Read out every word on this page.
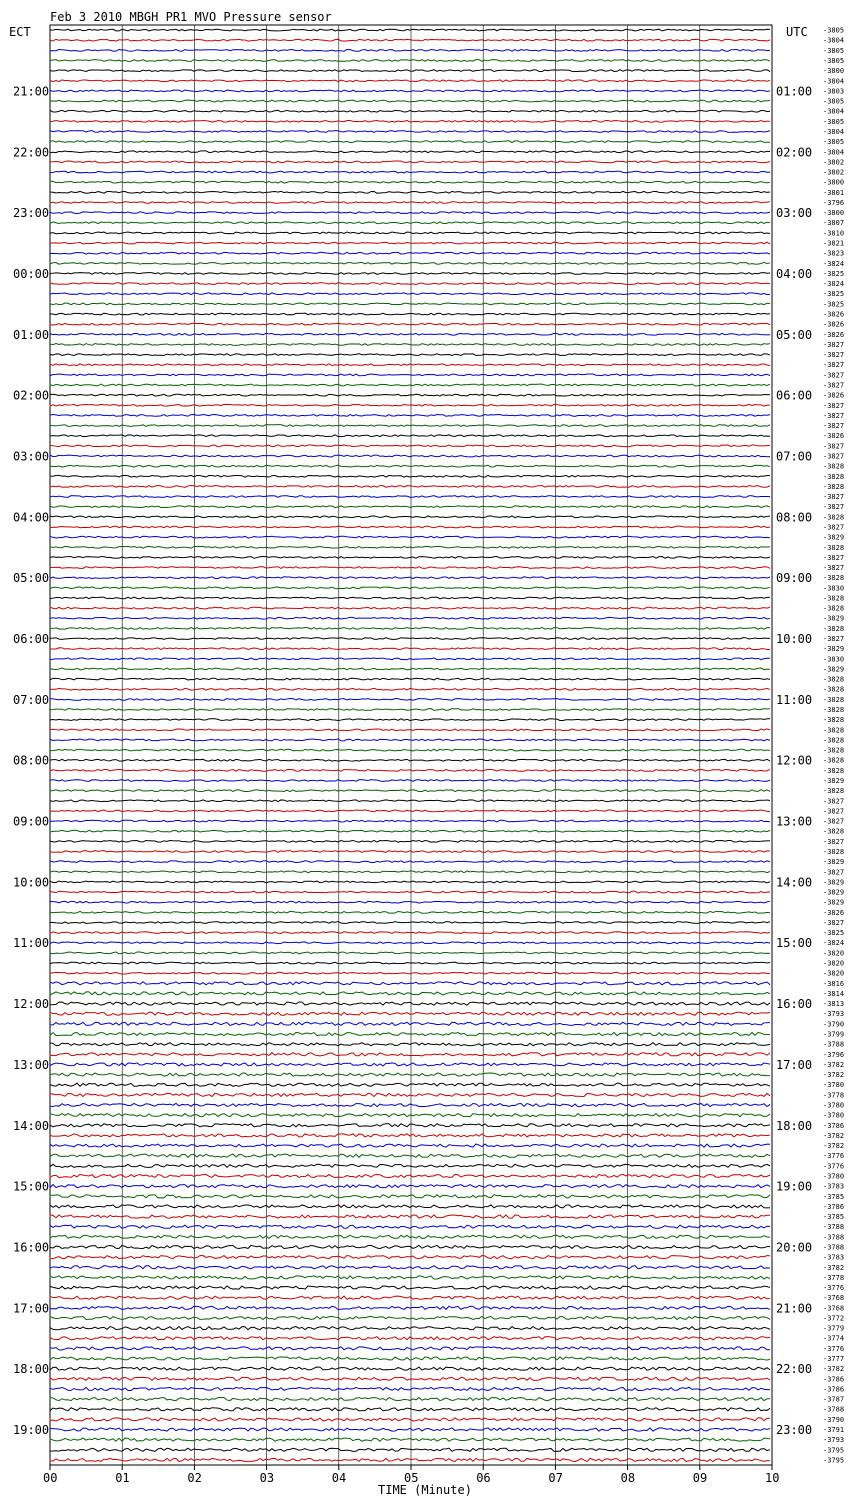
Feb 3 2010 MBGH PR1 MVO Pressure sensor
ECT	UTC -3805
-3804
-3805
-3805
-3800
-3804
-3803
-3805
-3804
-3805
-3804
-3805
-3804
-3802
-3802
-3800
-3801
-3796
-3800
-3807
-3810
-3821
-3823
-3824
-3825
-3824
-3825
-3825
-3826
-3826
-3826
-3827
-3827
-3827
-3827
-3827
-3826
-3827
-3827
-3827
-3826
-3827
-3827
-3828
-3828
-3828
-3827
-3827
-3828
-3827
-3829
-3828
-3827
-3827
-3828
-3830
-3828
-3828
-3829
-3828
-3827
-3829
-3830
-3829
-3828
-3828
-3828
-3828
-3828
-3828
-3828
-3828
-3828
-3828
-3829
-3828
-3827
-3827
-3827
-3828
-3827
-3828
-3829
-3827
-3829
-3829
-3829
-3826
-3827
-3825
-3824
-3820
-3820
-3820
-3816
-3814
-3813
-3793
-3790
-3799
-3788
-3796
-3782
-3782
-3780
-3778
-3780
-3780
-3786
-3782
-3782
-3776
-3776
-3780
-3783
-3785
-3786
-3785
-3788
-3788
-3788
-3783
-3782
-3778
-3776
-3768
-3768
-3772
-3779
-3774
-3776
-3777
-3782
-3786
-3786
-3787
-3788
-3790
-3791
-3793
-3795
-3795
21:00
22:00
23:00
00:00
01:00
02:00
03:00
04:00
05:00
06:00
07:00
08:00
09:00
10:00
11:00
12:00
13:00
14:00
15:00
16:00
17:00
18:00
19:00
01:00
02:00
03:00
04:00
05:00
06:00
07:00
08:00
09:00
10:00
11:00
12:00
13:00
14:00
15:00
16:00
17:00
18:00
19:00
20:00
21:00
22:00
23:00
00	01	02	03	04	05	06	07	08	09	10
TIME (Minute)
